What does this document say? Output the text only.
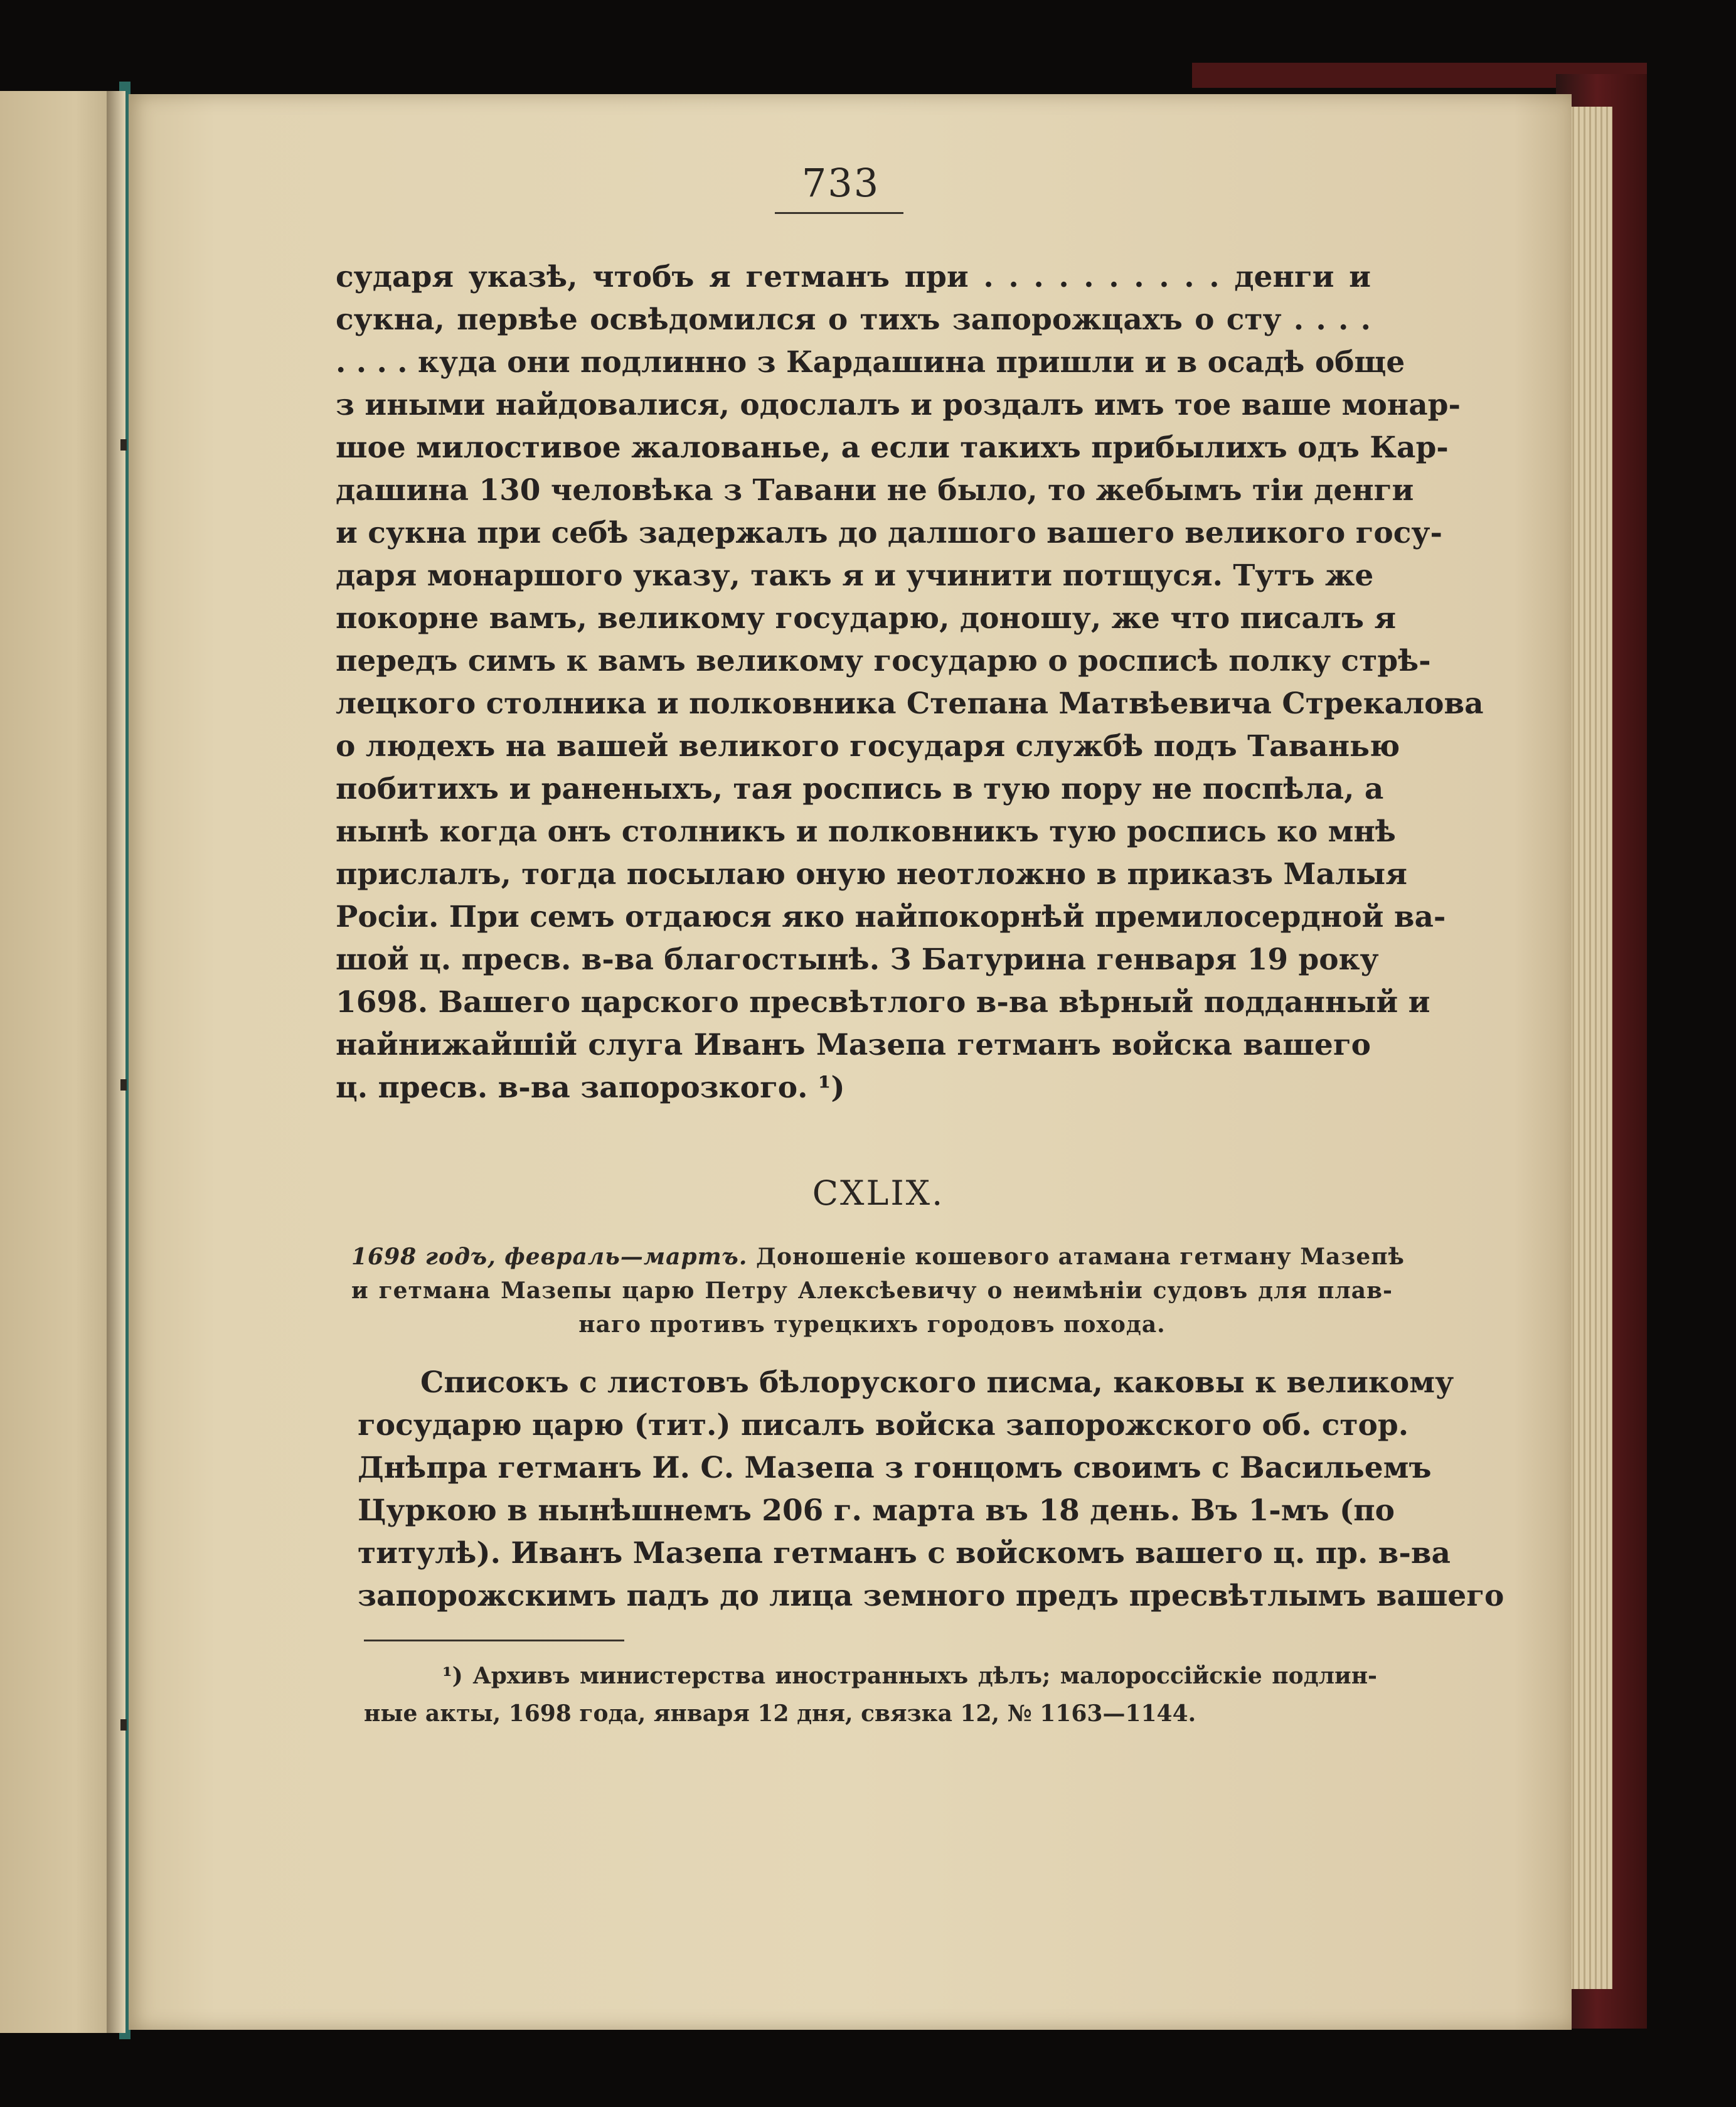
733
сударя указѣ, чтобъ я гетманъ при . . . . . . . . . . денги и
сукна, первѣе освѣдомился о тихъ запорожцахъ о сту . . . .
. . . . куда они подлинно з Кардашина пришли и в осадѣ обще
з иными найдовалися, одослалъ и роздалъ имъ тое ваше монар-
шое милостивое жалованье, а если такихъ прибылихъ одъ Кар-
дашина 130 человѣка з Тавани не было, то жебымъ тіи денги
и сукна при себѣ задержалъ до далшого вашего великого госу-
даря монаршого указу, такъ я и учинити потщуся. Тутъ же
покорне вамъ, великому государю, доношу, же что писалъ я
передъ симъ к вамъ великому государю о росписѣ полку стрѣ-
лецкого столника и полковника Степана Матвѣевича Стрекалова
о людехъ на вашей великого государя службѣ подъ Таванью
побитихъ и раненыхъ, тая роспись в тую пору не поспѣла, а
нынѣ когда онъ столникъ и полковникъ тую роспись ко мнѣ
прислалъ, тогда посылаю оную неотложно в приказъ Малыя
Росіи. При семъ отдаюся яко найпокорнѣй премилосердной ва-
шой ц. пресв. в-ва благостынѣ. З Батурина генваря 19 року
1698. Вашего царского пресвѣтлого в-ва вѣрный подданный и
найнижайшій слуга Иванъ Мазепа гетманъ войска вашего
ц. пресв. в-ва запорозкого. ¹)
CXLIX.
1698 годъ, февраль—мартъ. Доношеніе кошевого атамана гетману Мазепѣ
и гетмана Мазепы царю Петру Алексѣевичу о неимѣніи судовъ для плав-
наго противъ турецкихъ городовъ похода.
Списокъ с листовъ бѣлоруского писма, каковы к великому
государю царю (тит.) писалъ войска запорожского об. стор.
Днѣпра гетманъ И. С. Мазепа з гонцомъ своимъ с Васильемъ
Цуркою в нынѣшнемъ 206 г. марта въ 18 день. Въ 1-мъ (по
титулѣ). Иванъ Мазепа гетманъ с войскомъ вашего ц. пр. в-ва
запорожскимъ падъ до лица земного предъ пресвѣтлымъ вашего
¹) Архивъ министерства иностранныхъ дѣлъ; малороссійскіе подлин-
ные акты, 1698 года, января 12 дня, связка 12, № 1163—1144.
